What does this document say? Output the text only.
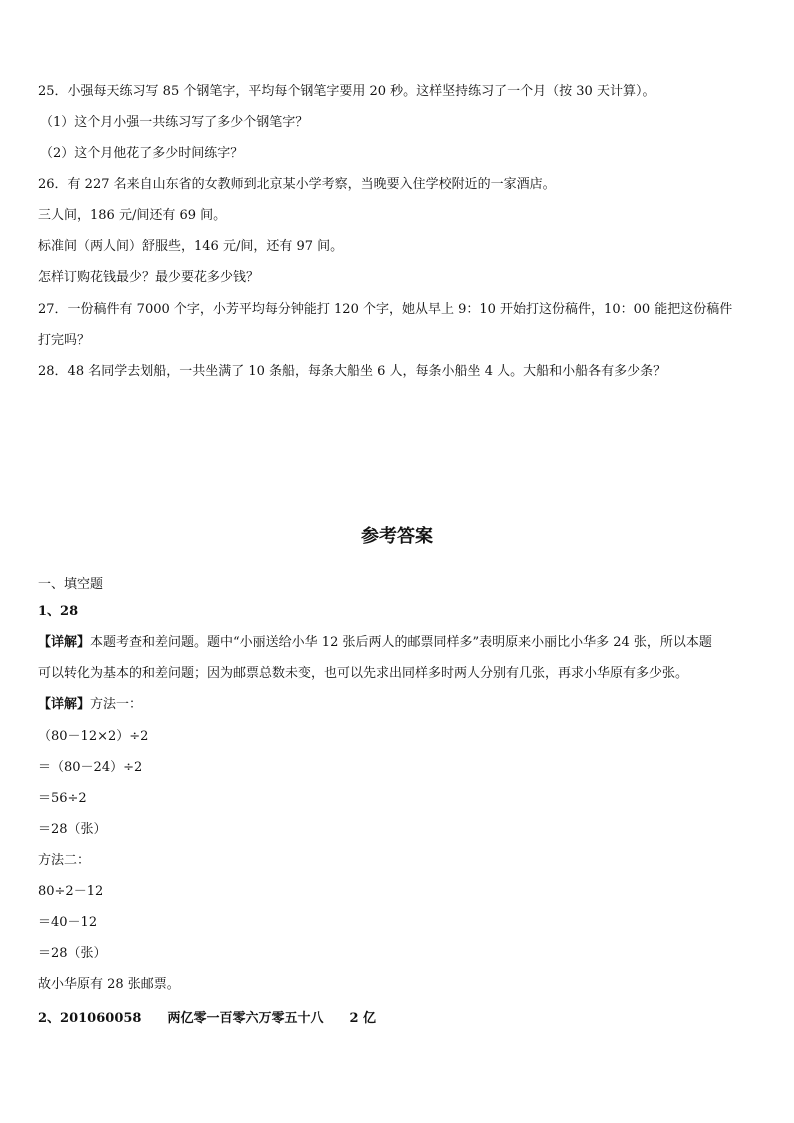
25．小强每天练习写 85 个钢笔字，平均每个钢笔字要用 20 秒。这样坚持练习了一个月（按 30 天计算）。
（1）这个月小强一共练习写了多少个钢笔字？
（2）这个月他花了多少时间练字？
26．有 227 名来自山东省的女教师到北京某小学考察，当晚要入住学校附近的一家酒店。
三人间，186 元/间还有 69 间。
标准间（两人间）舒服些，146 元/间，还有 97 间。
怎样订购花钱最少？最少要花多少钱？
27．一份稿件有 7000 个字，小芳平均每分钟能打 120 个字，她从早上 9：10 开始打这份稿件，10：00 能把这份稿件
打完吗？
28．48 名同学去划船，一共坐满了 10 条船，每条大船坐 6 人，每条小船坐 4 人。大船和小船各有多少条？
参考答案
一、填空题
1、28
【详解】本题考查和差问题。题中“小丽送给小华 12 张后两人的邮票同样多”表明原来小丽比小华多 24 张，所以本题
可以转化为基本的和差问题；因为邮票总数未变，也可以先求出同样多时两人分别有几张，再求小华原有多少张。
【详解】方法一：
（80－12×2）÷2
＝（80－24）÷2
＝56÷2
＝28（张）
方法二：
80÷2－12
＝40－12
＝28（张）
故小华原有 28 张邮票。
2、201060058 两亿零一百零六万零五十八 2 亿
